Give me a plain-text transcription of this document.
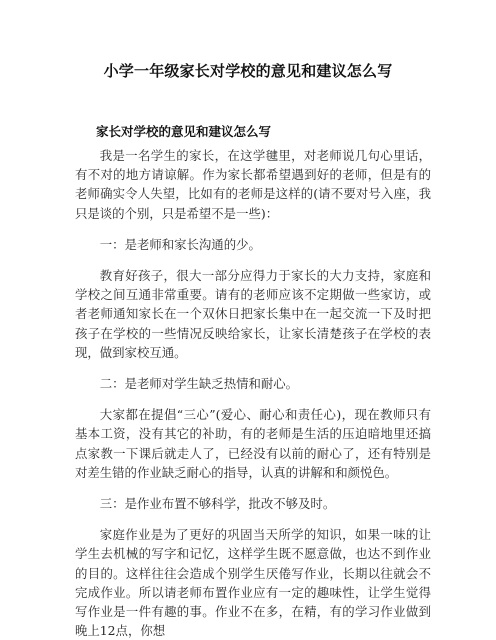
小学一年级家长对学校的意见和建议怎么写
家长对学校的意见和建议怎么写

我是一名学生的家长，在这学毽里，对老师说几句心里话，有不对的地方请谅解。作为家长都希望遇到好的老师，但是有的老师确实令人失望，比如有的老师是这样的(请不要对号入座，我只是谈的个别，只是希望不是一些)：

一：是老师和家长沟通的少。

教育好孩子，很大一部分应得力于家长的大力支持，家庭和学校之间互通非常重要。请有的老师应该不定期做一些家访，或者老师通知家长在一个双休日把家长集中在一起交流一下及时把孩子在学校的一些情况反映给家长，让家长清楚孩子在学校的表现，做到家校互通。

二：是老师对学生缺乏热情和耐心。

大家都在提倡“三心”(爱心、耐心和责任心)，现在教师只有基本工资，没有其它的补助，有的老师是生活的压迫暗地里还搞点家教一下课后就走人了，已经没有以前的耐心了，还有特别是对差生错的作业缺乏耐心的指导，认真的讲解和和颜悦色。

三：是作业布置不够科学，批改不够及时。

家庭作业是为了更好的巩固当天所学的知识，如果一味的让学生去机械的写字和记忆，这样学生既不愿意做，也达不到作业的目的。这样往往会造成个别学生厌倦写作业，长期以往就会不完成作业。所以请老师布置作业应有一定的趣味性，让学生觉得写作业是一件有趣的事。作业不在多，在精，有的学习作业做到晚上12点，你想
